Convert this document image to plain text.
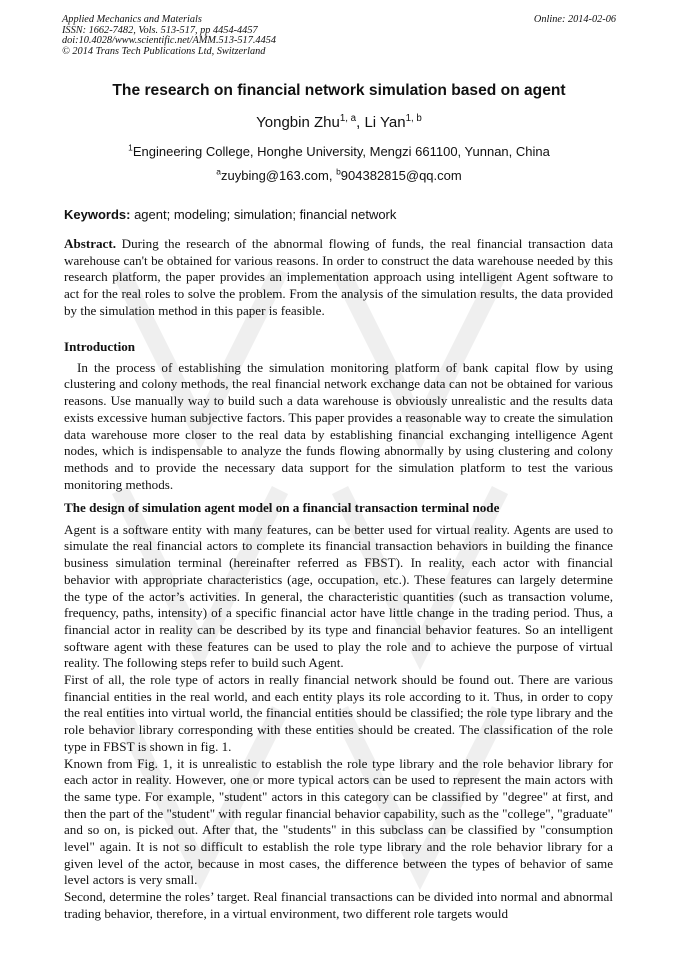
Applied Mechanics and Materials
ISSN: 1662-7482, Vols. 513-517, pp 4454-4457
doi:10.4028/www.scientific.net/AMM.513-517.4454
© 2014 Trans Tech Publications Ltd, Switzerland
Online: 2014-02-06
The research on financial network simulation based on agent
Yongbin Zhu$^{1, a}$, Li Yan$^{1, b}$
$^1$Engineering College, Honghe University, Mengzi 661100, Yunnan, China
$^a$zuybing@163.com, $^b$904382815@qq.com
Keywords: agent; modeling; simulation; financial network

Abstract. During the research of the abnormal flowing of funds, the real financial transaction data warehouse can't be obtained for various reasons. In order to construct the data warehouse needed by this research platform, the paper provides an implementation approach using intelligent Agent software to act for the real roles to solve the problem. From the analysis of the simulation results, the data provided by the simulation method in this paper is feasible.

Introduction

In the process of establishing the simulation monitoring platform of bank capital flow by using clustering and colony methods, the real financial network exchange data can not be obtained for various reasons. Use manually way to build such a data warehouse is obviously unrealistic and the results data exists excessive human subjective factors. This paper provides a reasonable way to create the simulation data warehouse more closer to the real data by establishing financial exchanging intelligence Agent nodes, which is indispensable to analyze the funds flowing abnormally by using clustering and colony methods and to provide the necessary data support for the simulation platform to test the various monitoring methods.

The design of simulation agent model on a financial transaction terminal node

Agent is a software entity with many features, can be better used for virtual reality. Agents are used to simulate the real financial actors to complete its financial transaction behaviors in building the finance business simulation terminal (hereinafter referred as FBST). In reality, each actor with financial behavior with appropriate characteristics (age, occupation, etc.). These features can largely determine the type of the actor’s activities. In general, the characteristic quantities (such as transaction volume, frequency, paths, intensity) of a specific financial actor have little change in the trading period. Thus, a financial actor in reality can be described by its type and financial behavior features. So an intelligent software agent with these features can be used to play the role and to achieve the purpose of virtual reality. The following steps refer to build such Agent.

First of all, the role type of actors in really financial network should be found out. There are various financial entities in the real world, and each entity plays its role according to it. Thus, in order to copy the real entities into virtual world, the financial entities should be classified; the role type library and the role behavior library corresponding with these entities should be created. The classification of the role type in FBST is shown in fig. 1.

Known from Fig. 1, it is unrealistic to establish the role type library and the role behavior library for each actor in reality. However, one or more typical actors can be used to represent the main actors with the same type. For example, "student" actors in this category can be classified by "degree" at first, and then the part of the "student" with regular financial behavior capability, such as the "college", "graduate" and so on, is picked out. After that, the "students" in this subclass can be classified by "consumption level" again. It is not so difficult to establish the role type library and the role behavior library for a given level of the actor, because in most cases, the difference between the types of behavior of same level actors is very small.

Second, determine the roles’ target. Real financial transactions can be divided into normal and abnormal trading behavior, therefore, in a virtual environment, two different role targets would
